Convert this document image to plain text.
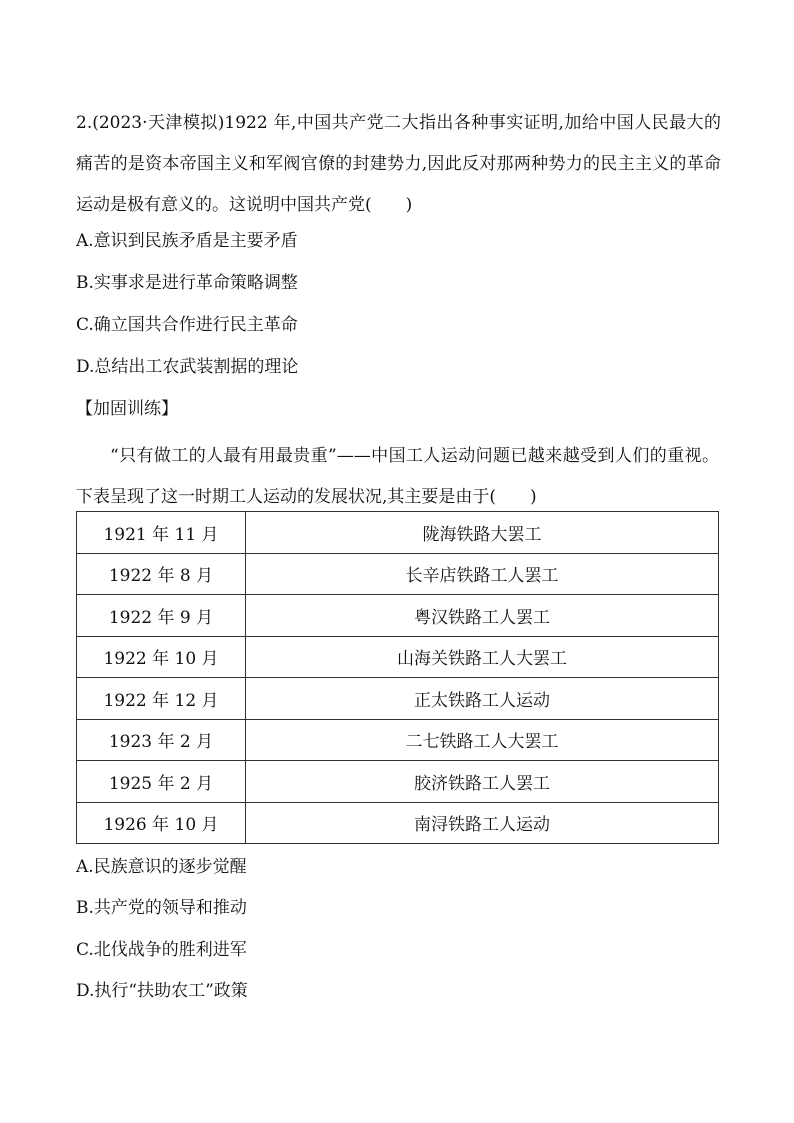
2.(2023·天津模拟)1922 年,中国共产党二大指出各种事实证明,加给中国人民最大的痛苦的是资本帝国主义和军阀官僚的封建势力,因此反对那两种势力的民主主义的革命运动是极有意义的。这说明中国共产党(　　)
A.意识到民族矛盾是主要矛盾
B.实事求是进行革命策略调整
C.确立国共合作进行民主革命
D.总结出工农武装割据的理论
【加固训练】
“只有做工的人最有用最贵重”——中国工人运动问题已越来越受到人们的重视。下表呈现了这一时期工人运动的发展状况,其主要是由于(　　)
1921 年 11 月	陇海铁路大罢工
1922 年 8 月	长辛店铁路工人罢工
1922 年 9 月	粤汉铁路工人罢工
1922 年 10 月	山海关铁路工人大罢工
1922 年 12 月	正太铁路工人运动
1923 年 2 月	二七铁路工人大罢工
1925 年 2 月	胶济铁路工人罢工
1926 年 10 月	南浔铁路工人运动
A.民族意识的逐步觉醒
B.共产党的领导和推动
C.北伐战争的胜利进军
D.执行“扶助农工”政策
